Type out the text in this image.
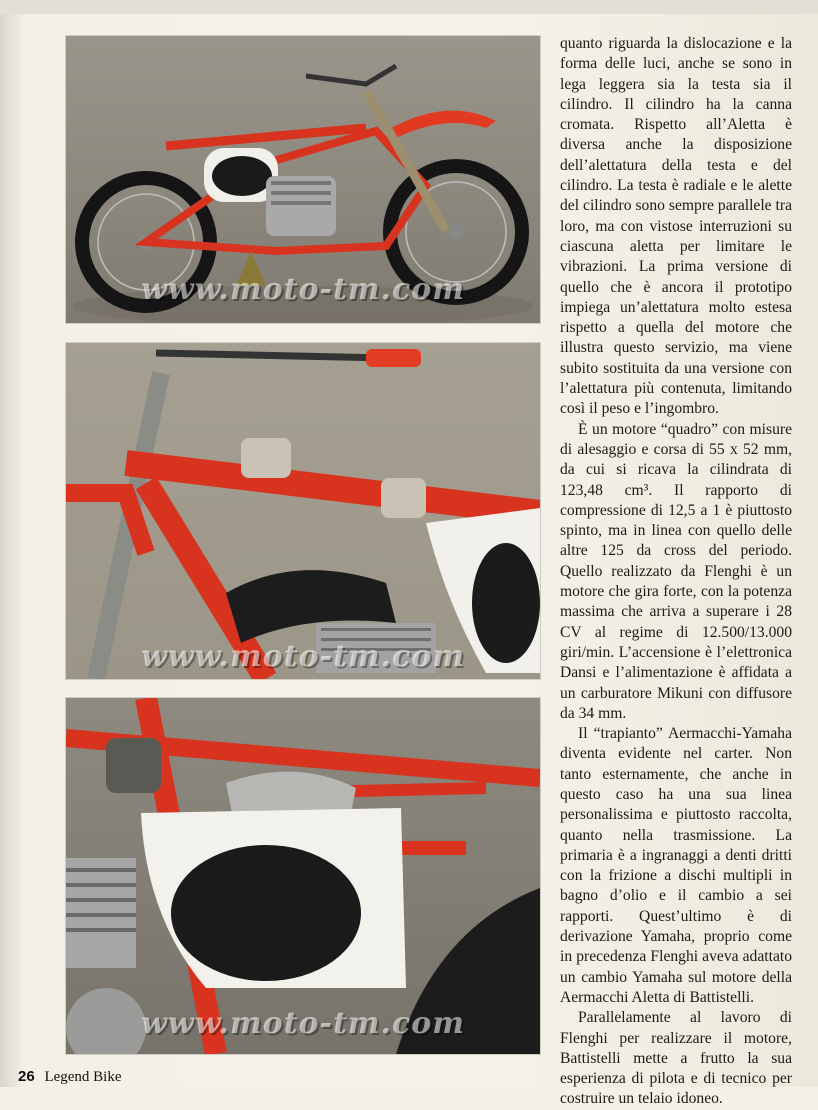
www.moto-tm.com
www.moto-tm.com
www.moto-tm.com

quanto riguarda la dislocazione e la forma delle luci, anche se sono in lega leggera sia la testa sia il cilindro. Il cilindro ha la canna cromata. Rispetto all’Aletta è diversa anche la disposizione dell’alettatura della testa e del cilindro. La testa è radiale e le alette del cilindro sono sempre parallele tra loro, ma con vistose interruzioni su ciascuna aletta per limitare le vibrazioni. La prima versione di quello che è ancora il prototipo impiega un’alettatura molto estesa rispetto a quella del motore che illustra questo servizio, ma viene subito sostituita da una versione con l’alettatura più contenuta, limitando così il peso e l’ingombro.

È un motore “quadro” con misure di alesaggio e corsa di 55 x 52 mm, da cui si ricava la cilindrata di 123,48 cm³. Il rapporto di compressione di 12,5 a 1 è piuttosto spinto, ma in linea con quello delle altre 125 da cross del periodo. Quello realizzato da Flenghi è un motore che gira forte, con la potenza massima che arriva a superare i 28 CV al regime di 12.500/13.000 giri/min. L’accensione è l’elettronica Dansi e l’alimentazione è affidata a un carburatore Mikuni con diffusore da 34 mm.

Il “trapianto” Aermacchi-Yamaha diventa evidente nel carter. Non tanto esternamente, che anche in questo caso ha una sua linea personalissima e piuttosto raccolta, quanto nella trasmissione. La primaria è a ingranaggi a denti dritti con la frizione a dischi multipli in bagno d’olio e il cambio a sei rapporti. Quest’ultimo è di derivazione Yamaha, proprio come in precedenza Flenghi aveva adattato un cambio Yamaha sul motore della Aermacchi Aletta di Battistelli.

Parallelamente al lavoro di Flenghi per realizzare il motore, Battistelli mette a frutto la sua esperienza di pilota e di tecnico per costruire un telaio idoneo.

26 Legend Bike
